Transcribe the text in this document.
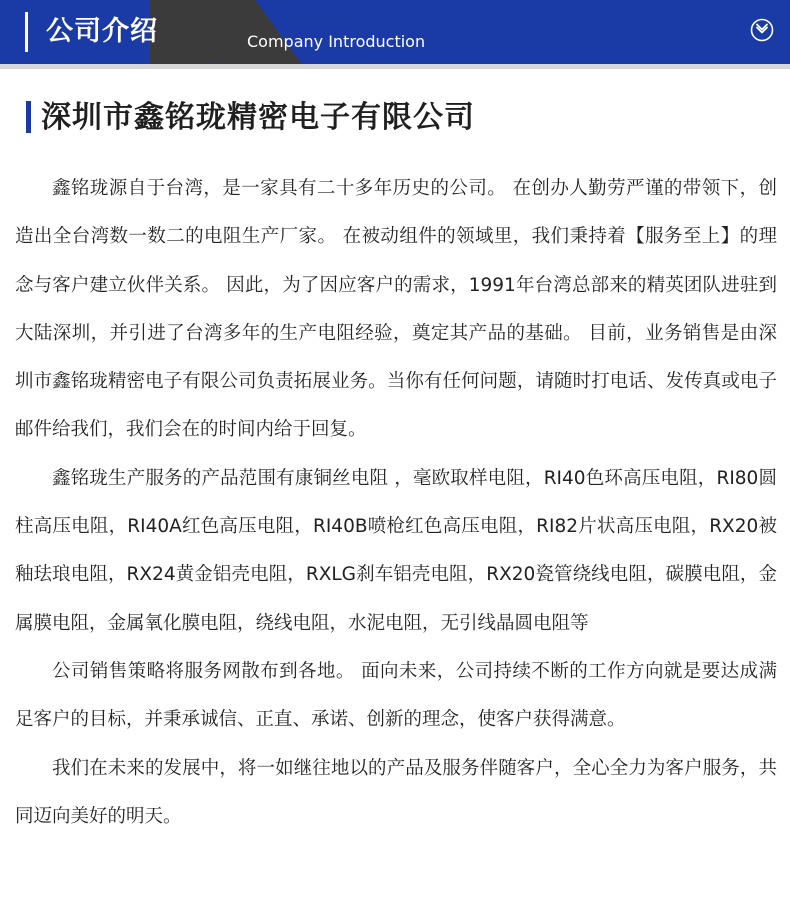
公司介绍	Company Introduction
深圳市鑫铭珑精密电子有限公司

鑫铭珑源自于台湾，是一家具有二十多年历史的公司。 在创办人勤劳严谨的带领下，创造出全台湾数一数二的电阻生产厂家。 在被动组件的领域里，我们秉持着【服务至上】的理念与客户建立伙伴关系。 因此，为了因应客户的需求，1991年台湾总部来的精英团队进驻到大陆深圳，并引进了台湾多年的生产电阻经验，奠定其产品的基础。 目前，业务销售是由深圳市鑫铭珑精密电子有限公司负责拓展业务。当你有任何问题，请随时打电话、发传真或电子邮件给我们，我们会在的时间内给于回复。

鑫铭珑生产服务的产品范围有康铜丝电阻 ，毫欧取样电阻，RI40色环高压电阻，RI80圆柱高压电阻，RI40A红色高压电阻，RI40B喷枪红色高压电阻，RI82片状高压电阻，RX20被釉珐琅电阻，RX24黄金铝壳电阻，RXLG刹车铝壳电阻，RX20瓷管绕线电阻，碳膜电阻，金属膜电阻，金属氧化膜电阻，绕线电阻，水泥电阻，无引线晶圆电阻等

公司销售策略将服务网散布到各地。 面向未来，公司持续不断的工作方向就是要达成满足客户的目标，并秉承诚信、正直、承诺、创新的理念，使客户获得满意。

我们在未来的发展中，将一如继往地以的产品及服务伴随客户，全心全力为客户服务，共同迈向美好的明天。
